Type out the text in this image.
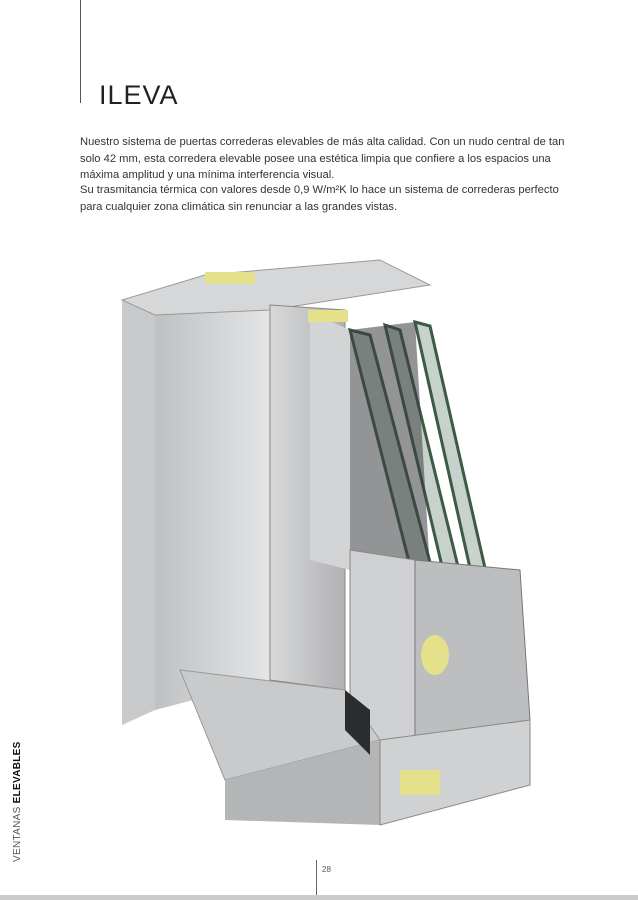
ILEVA

Nuestro sistema de puertas correderas elevables de más alta calidad. Con un nudo central de tan solo 42 mm, esta corredera elevable posee una estética limpia que confiere a los espacios una máxima amplitud y una mínima interferencia visual.

Su trasmitancia térmica con valores desde 0,9 W/m²K lo hace un sistema de correderas perfecto para cualquier zona climática sin renunciar a las grandes vistas.

VENTANAS ELEVABLES
28
